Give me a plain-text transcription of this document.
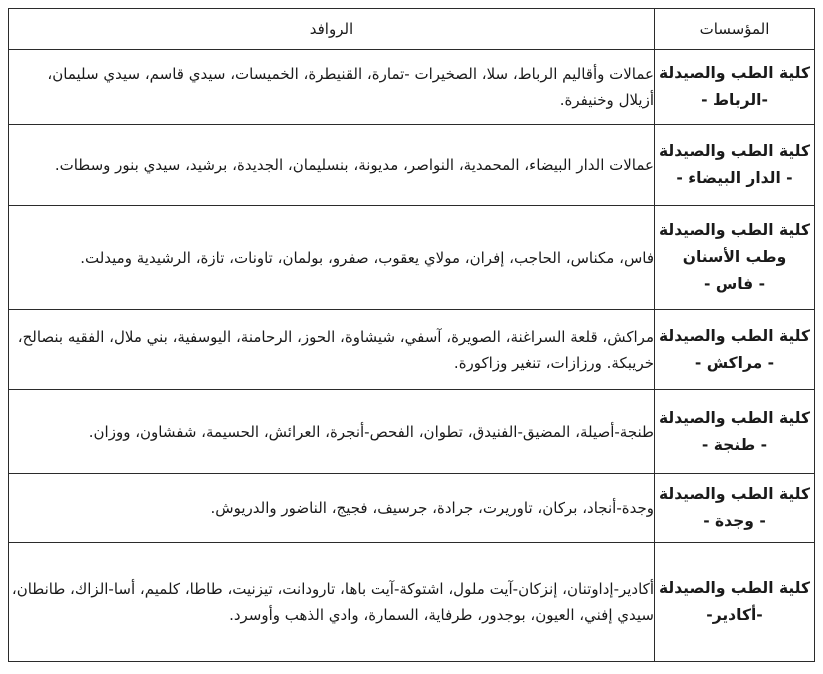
المؤسسات	الروافد

كلية الطب والصيدلة
-الرباط -	عمالات وأقاليم الرباط، سلا، الصخيرات -تمارة، القنيطرة، الخميسات، سيدي قاسم، سيدي سليمان، أزيلال وخنيفرة.

كلية الطب والصيدلة
- الدار البيضاء -	عمالات الدار البيضاء، المحمدية، النواصر، مديونة، بنسليمان، الجديدة، برشيد، سيدي بنور وسطات.

كلية الطب والصيدلة
وطب الأسنان
- فاس -	فاس، مكناس، الحاجب، إفران، مولاي يعقوب، صفرو، بولمان، تاونات، تازة، الرشيدية وميدلت.

كلية الطب والصيدلة
- مراكش -	مراكش، قلعة السراغنة، الصويرة، آسفي، شيشاوة، الحوز، الرحامنة، اليوسفية، بني ملال، الفقيه بنصالح، خريبكة. ورزازات، تنغير وزاكورة.

كلية الطب والصيدلة
- طنجة -	طنجة-أصيلة، المضيق-الفنيدق، تطوان، الفحص-أنجرة، العرائش، الحسيمة، شفشاون، ووزان.

كلية الطب والصيدلة
- وجدة -	وجدة-أنجاد، بركان، تاوريرت، جرادة، جرسيف، فجيج، الناضور والدريوش.

كلية الطب والصيدلة
-أكادير-	أكادير-إداوتنان، إنزكان-آيت ملول، اشتوكة-آيت باها، تارودانت، تيزنيت، طاطا، كلميم، أسا-الزاك، طانطان، سيدي إفني، العيون، بوجدور، طرفاية، السمارة، وادي الذهب وأوسرد.
